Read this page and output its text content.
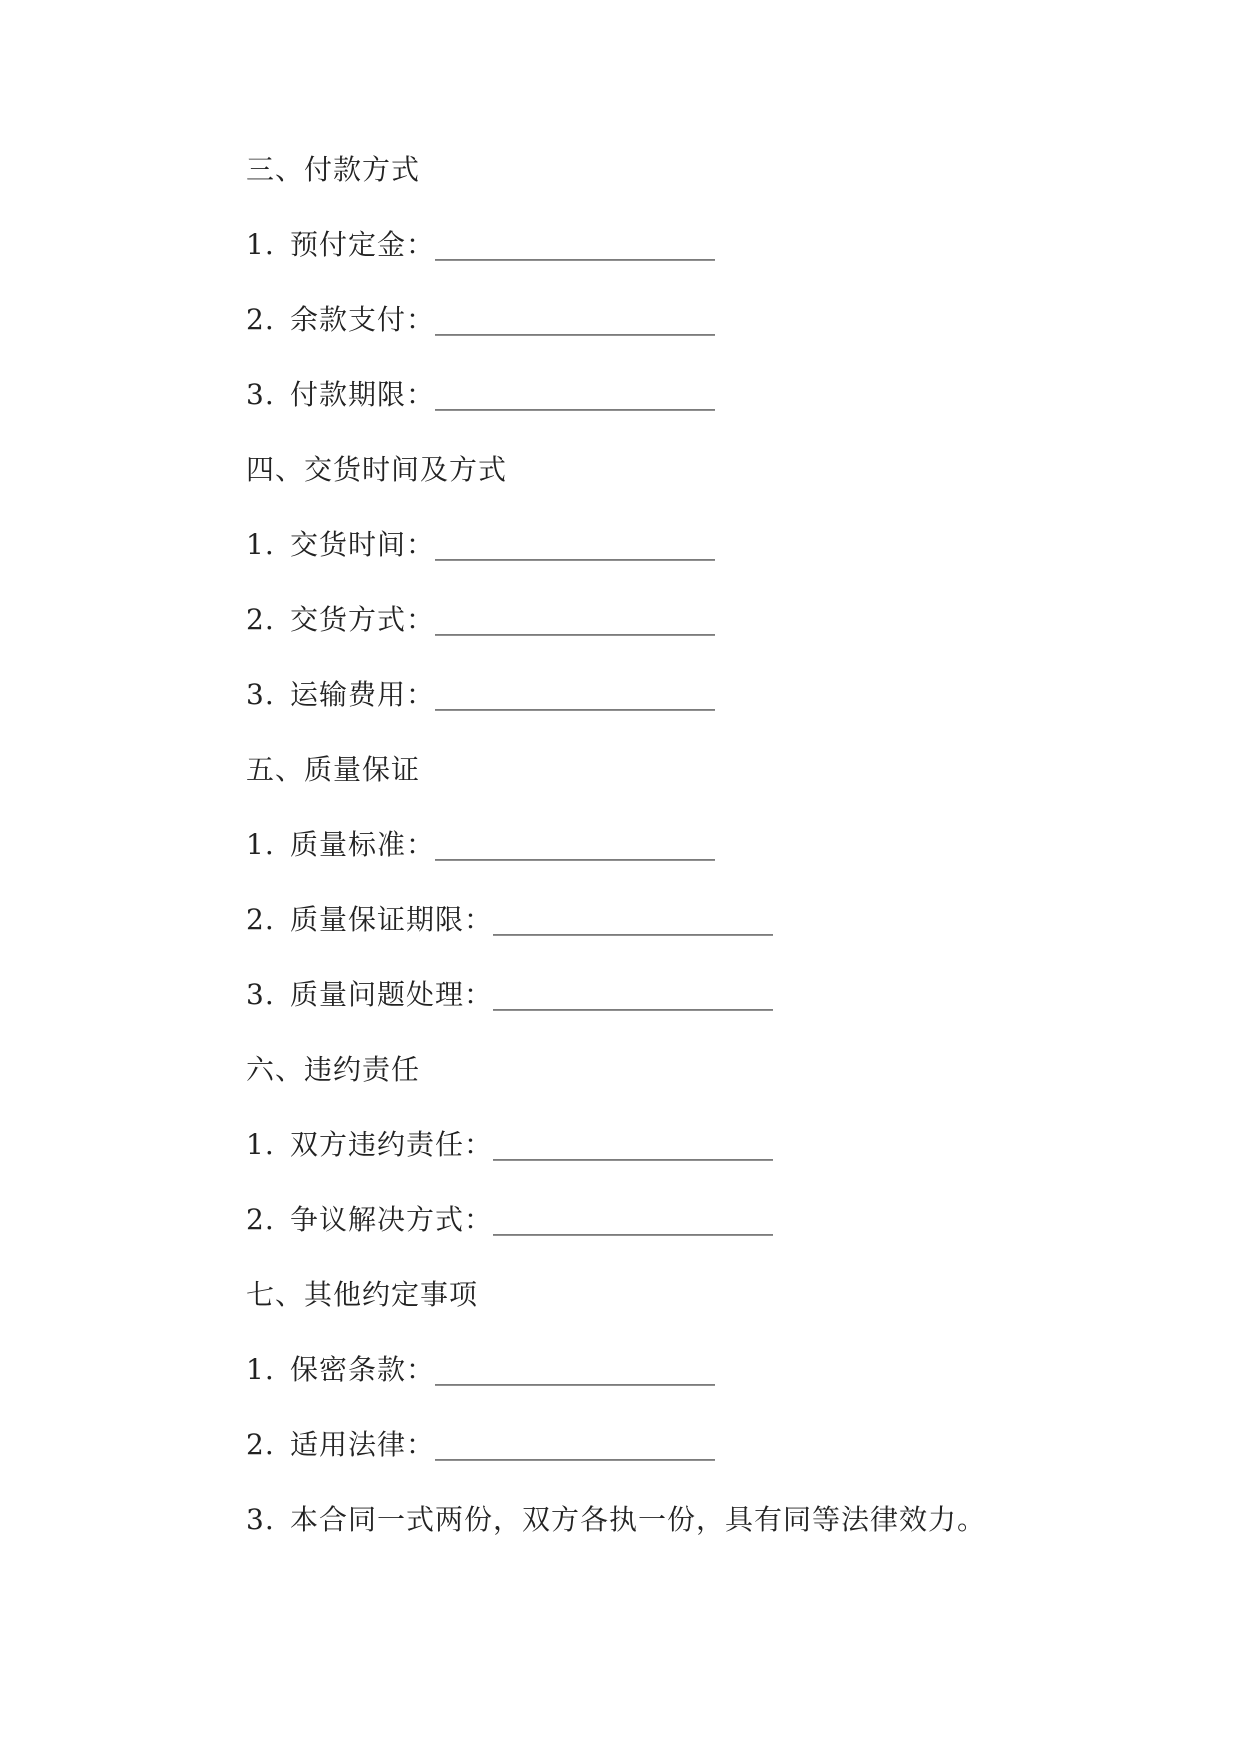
三、付款方式
1. 预付定金：____________________
2. 余款支付：____________________
3. 付款期限：____________________
四、交货时间及方式
1. 交货时间：____________________
2. 交货方式：____________________
3. 运输费用：____________________
五、质量保证
1. 质量标准：____________________
2. 质量保证期限：____________________
3. 质量问题处理：____________________
六、违约责任
1. 双方违约责任：____________________
2. 争议解决方式：____________________
七、其他约定事项
1. 保密条款：____________________
2. 适用法律：____________________
3. 本合同一式两份，双方各执一份，具有同等法律效力。
